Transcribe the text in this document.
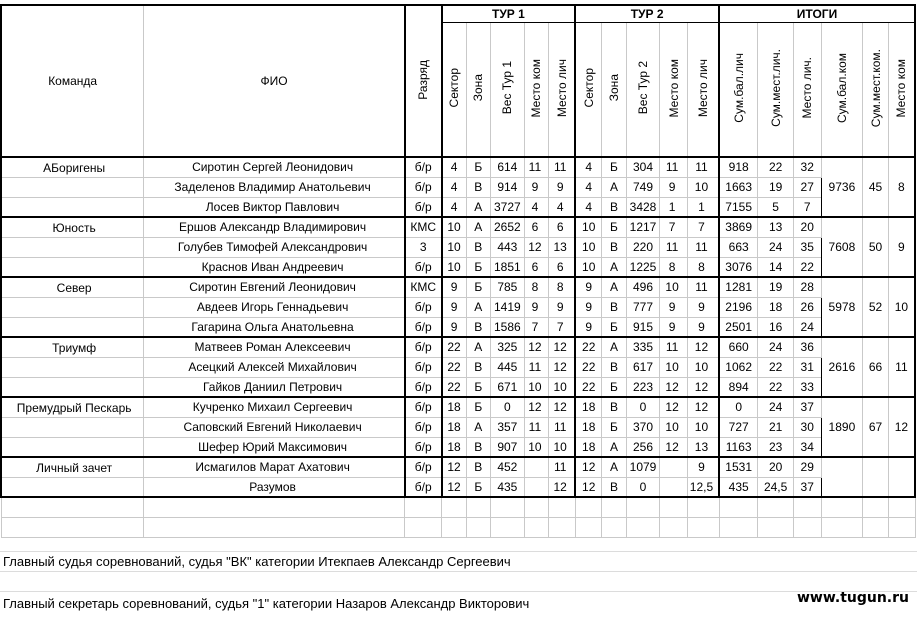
Команда	ФИО	Разряд	ТУР 1					ТУР 2					ИТОГИ					
			Сектор	Зона	Вес Тур 1	Место ком	Место лич	Сектор	Зона	Вес Тур 2	Место ком	Место лич	Сум.бал.лич	Сум.мест.лич.	Место лич.	Сум.бал.ком	Сум.мест.ком.	Место ком
АБоригены	Сиротин Сергей Леонидович	б/р	4	Б	614	11	11	4	Б	304	11	11	918	22	32	9736	45	8
	Заделенов Владимир Анатольевич	б/р	4	В	914	9	9	4	А	749	9	10	1663	19	27			
	Лосев Виктор Павлович	б/р	4	А	3727	4	4	4	В	3428	1	1	7155	5	7			
Юность	Ершов Александр Владимирович	КМС	10	А	2652	6	6	10	Б	1217	7	7	3869	13	20	7608	50	9
	Голубев Тимофей Александрович	3	10	В	443	12	13	10	В	220	11	11	663	24	35			
	Краснов Иван Андреевич	б/р	10	Б	1851	6	6	10	А	1225	8	8	3076	14	22			
Север	Сиротин Евгений Леонидович	КМС	9	Б	785	8	8	9	А	496	10	11	1281	19	28	5978	52	10
	Авдеев Игорь Геннадьевич	б/р	9	А	1419	9	9	9	В	777	9	9	2196	18	26			
	Гагарина Ольга Анатольевна	б/р	9	В	1586	7	7	9	Б	915	9	9	2501	16	24			
Триумф	Матвеев Роман Алексеевич	б/р	22	А	325	12	12	22	А	335	11	12	660	24	36	2616	66	11
	Асецкий Алексей Михайлович	б/р	22	В	445	11	12	22	В	617	10	10	1062	22	31			
	Гайков Даниил Петрович	б/р	22	Б	671	10	10	22	Б	223	12	12	894	22	33			
Премудрый Пескарь	Кучренко Михаил Сергеевич	б/р	18	Б	0	12	12	18	В	0	12	12	0	24	37	1890	67	12
	Саповский Евгений Николаевич	б/р	18	А	357	11	11	18	Б	370	10	10	727	21	30			
	Шефер Юрий Максимович	б/р	18	В	907	10	10	18	А	256	12	13	1163	23	34			
Личный зачет	Исмагилов Марат Ахатович	б/р	12	В	452		11	12	А	1079		9	1531	20	29			
	Разумов	б/р	12	Б	435		12	12	В	0		12,5	435	24,5	37			

Главный судья соревнований, судья "ВК" категории Итекпаев Александр Сергеевич
Главный секретарь соревнований, судья "1" категории Назаров Александр Викторович	www.tugun.ru
